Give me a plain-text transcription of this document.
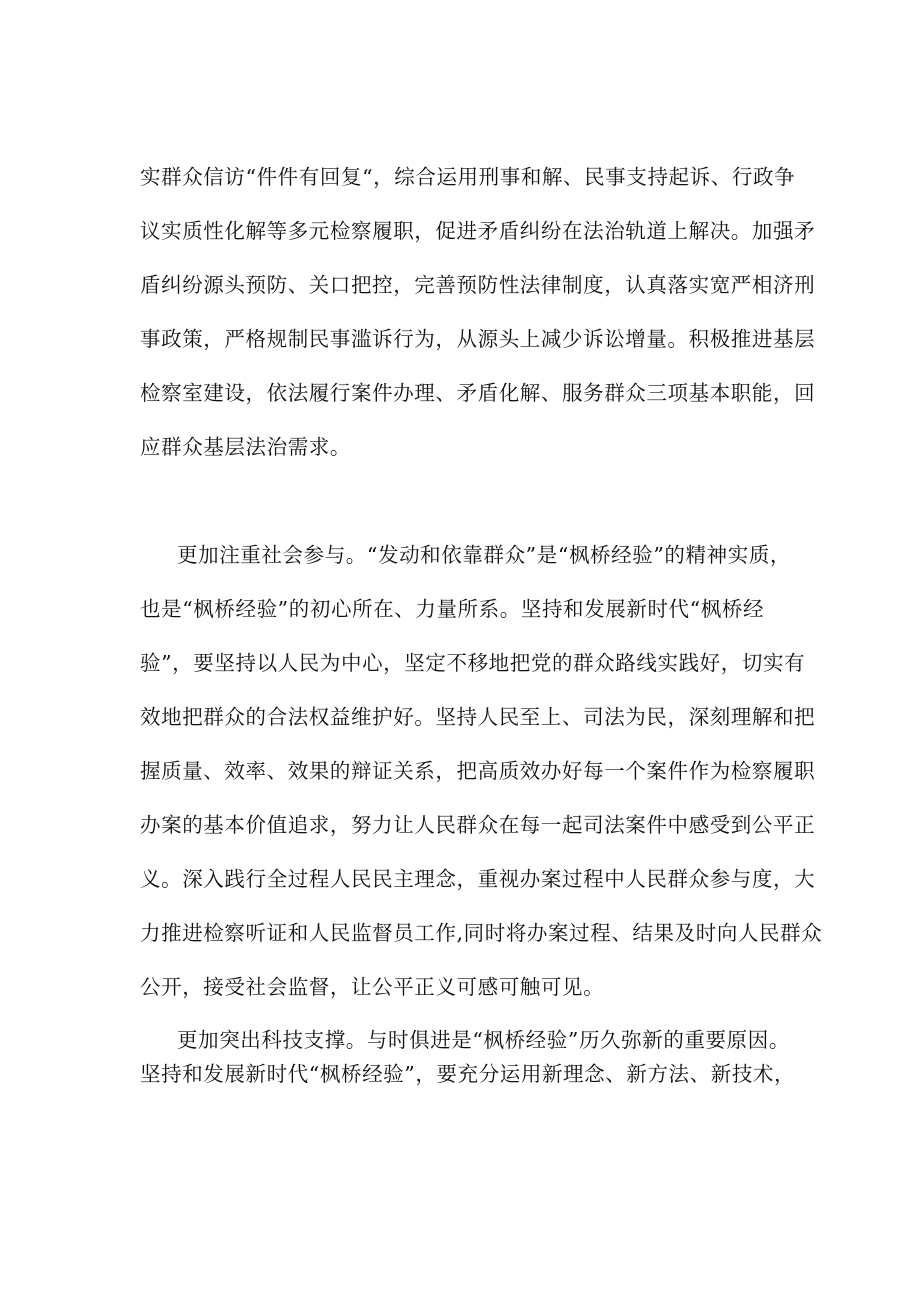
实群众信访“件件有回复“，综合运用刑事和解、民事支持起诉、行政争
议实质性化解等多元检察履职，促进矛盾纠纷在法治轨道上解决。加强矛
盾纠纷源头预防、关口把控，完善预防性法律制度，认真落实宽严相济刑
事政策，严格规制民事滥诉行为，从源头上减少诉讼增量。积极推进基层
检察室建设，依法履行案件办理、矛盾化解、服务群众三项基本职能，回
应群众基层法治需求。
更加注重社会参与。“发动和依靠群众”是“枫桥经验”的精神实质，
也是“枫桥经验”的初心所在、力量所系。坚持和发展新时代“枫桥经
验”，要坚持以人民为中心，坚定不移地把党的群众路线实践好，切实有
效地把群众的合法权益维护好。坚持人民至上、司法为民，深刻理解和把
握质量、效率、效果的辩证关系，把高质效办好每一个案件作为检察履职
办案的基本价值追求，努力让人民群众在每一起司法案件中感受到公平正
义。深入践行全过程人民民主理念，重视办案过程中人民群众参与度，大
力推进检察听证和人民监督员工作,同时将办案过程、结果及时向人民群众
公开，接受社会监督，让公平正义可感可触可见。
更加突出科技支撑。与时俱进是“枫桥经验”历久弥新的重要原因。
坚持和发展新时代“枫桥经验”，要充分运用新理念、新方法、新技术，
